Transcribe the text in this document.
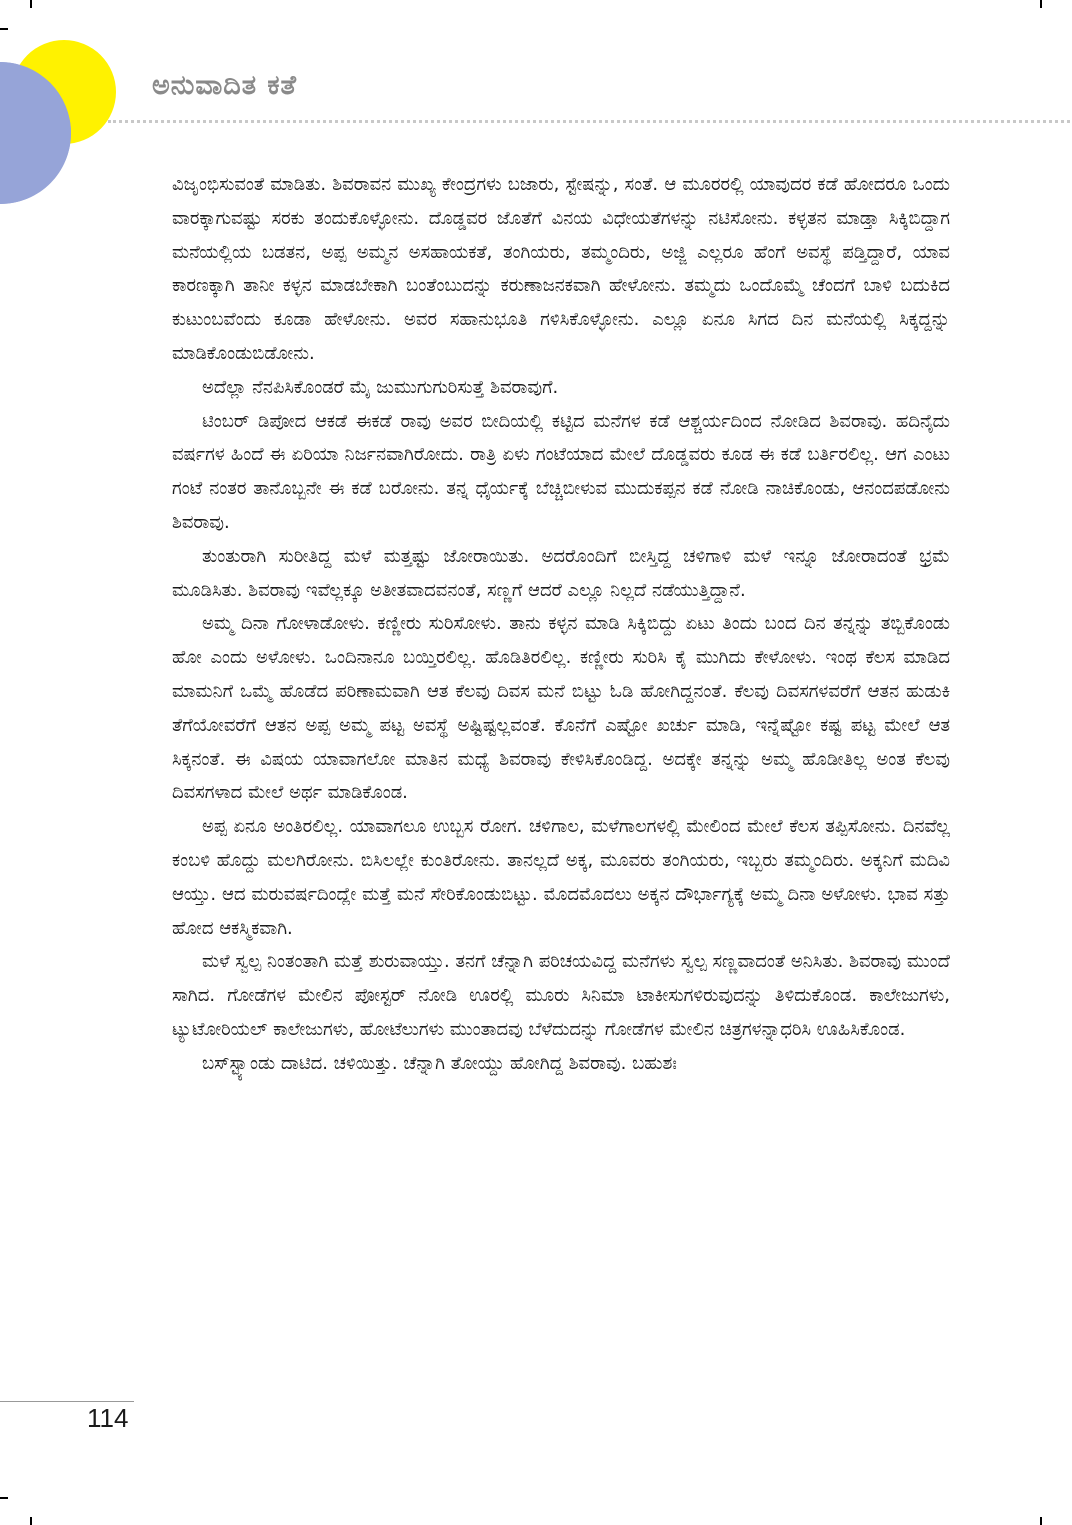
ಅನುವಾದಿತ ಕತೆ

ವಿಜೃಂಭಿಸುವಂತೆ ಮಾಡಿತು. ಶಿವರಾವನ ಮುಖ್ಯ ಕೇಂದ್ರಗಳು ಬಜಾರು, ಸ್ಟೇಷನ್ನು, ಸಂತೆ. ಆ ಮೂರರಲ್ಲಿ ಯಾವುದರ ಕಡೆ ಹೋದರೂ ಒಂದು ವಾರಕ್ಕಾಗುವಷ್ಟು ಸರಕು ತಂದುಕೊಳ್ಳೋನು. ದೊಡ್ಡವರ ಜೊತೆಗೆ ವಿನಯ ವಿಧೇಯತೆಗಳನ್ನು ನಟಿಸೋನು. ಕಳ್ಳತನ ಮಾಡ್ತಾ ಸಿಕ್ಕಿಬಿದ್ದಾಗ ಮನೆಯಲ್ಲಿಯ ಬಡತನ, ಅಪ್ಪ ಅಮ್ಮನ ಅಸಹಾಯಕತೆ, ತಂಗಿಯರು, ತಮ್ಮಂದಿರು, ಅಜ್ಜಿ ಎಲ್ಲರೂ ಹೆಂಗೆ ಅವಸ್ಥೆ ಪಡ್ತಿದ್ದಾರೆ, ಯಾವ ಕಾರಣಕ್ಕಾಗಿ ತಾನೀ ಕಳ್ಳನ ಮಾಡಬೇಕಾಗಿ ಬಂತೆಂಬುದನ್ನು ಕರುಣಾಜನಕವಾಗಿ ಹೇಳೋನು. ತಮ್ಮದು ಒಂದೊಮ್ಮೆ ಚೆಂದಗೆ ಬಾಳಿ ಬದುಕಿದ ಕುಟುಂಬವೆಂದು ಕೂಡಾ ಹೇಳೋನು. ಅವರ ಸಹಾನುಭೂತಿ ಗಳಿಸಿಕೊಳ್ಳೋನು. ಎಲ್ಲೂ ಏನೂ ಸಿಗದ ದಿನ ಮನೆಯಲ್ಲಿ ಸಿಕ್ಕದ್ದನ್ನು ಮಾಡಿಕೊಂಡುಬಿಡೋನು.

ಅದೆಲ್ಲಾ ನೆನಪಿಸಿಕೊಂಡರೆ ಮೈ ಜುಮುಗುಗುರಿಸುತ್ತೆ ಶಿವರಾವುಗೆ.

ಟಿಂಬರ್ ಡಿಪೋದ ಆಕಡೆ ಈಕಡೆ ರಾವು ಅವರ ಬೀದಿಯಲ್ಲಿ ಕಟ್ಟಿದ ಮನೆಗಳ ಕಡೆ ಆಶ್ಚರ್ಯದಿಂದ ನೋಡಿದ ಶಿವರಾವು. ಹದಿನೈದು ವರ್ಷಗಳ ಹಿಂದೆ ಈ ಏರಿಯಾ ನಿರ್ಜನವಾಗಿರೋದು. ರಾತ್ರಿ ಏಳು ಗಂಟೆಯಾದ ಮೇಲೆ ದೊಡ್ಡವರು ಕೂಡ ಈ ಕಡೆ ಬರ್ತಿರಲಿಲ್ಲ. ಆಗ ಎಂಟು ಗಂಟೆ ನಂತರ ತಾನೊಬ್ಬನೇ ಈ ಕಡೆ ಬರೋನು. ತನ್ನ ಧೈರ್ಯಕ್ಕೆ ಬೆಚ್ಚಿಬೀಳುವ ಮುದುಕಪ್ಪನ ಕಡೆ ನೋಡಿ ನಾಚಿಕೊಂಡು, ಆನಂದಪಡೋನು ಶಿವರಾವು.

ತುಂತುರಾಗಿ ಸುರೀತಿದ್ದ ಮಳೆ ಮತ್ತಷ್ಟು ಜೋರಾಯಿತು. ಅದರೊಂದಿಗೆ ಬೀಸ್ತಿದ್ದ ಚಳಿಗಾಳಿ ಮಳೆ ಇನ್ನೂ ಜೋರಾದಂತೆ ಭ್ರಮೆ ಮೂಡಿಸಿತು. ಶಿವರಾವು ಇವೆಲ್ಲಕ್ಕೂ ಅತೀತವಾದವನಂತೆ, ಸಣ್ಣಗೆ ಆದರೆ ಎಲ್ಲೂ ನಿಲ್ಲದೆ ನಡೆಯುತ್ತಿದ್ದಾನೆ.

ಅಮ್ಮ ದಿನಾ ಗೋಳಾಡೋಳು. ಕಣ್ಣೀರು ಸುರಿಸೋಳು. ತಾನು ಕಳ್ಳನ ಮಾಡಿ ಸಿಕ್ಕಿಬಿದ್ದು ಏಟು ತಿಂದು ಬಂದ ದಿನ ತನ್ನನ್ನು ತಬ್ಬಿಕೊಂಡು ಹೋ ಎಂದು ಅಳೋಳು. ಒಂದಿನಾನೂ ಬಯ್ತಿರಲಿಲ್ಲ. ಹೊಡಿತಿರಲಿಲ್ಲ. ಕಣ್ಣೀರು ಸುರಿಸಿ ಕೈ ಮುಗಿದು ಕೇಳೋಳು. ಇಂಥ ಕೆಲಸ ಮಾಡಿದ ಮಾಮನಿಗೆ ಒಮ್ಮೆ ಹೊಡೆದ ಪರಿಣಾಮವಾಗಿ ಆತ ಕೆಲವು ದಿವಸ ಮನೆ ಬಿಟ್ಟು ಓಡಿ ಹೋಗಿದ್ದನಂತೆ. ಕೆಲವು ದಿವಸಗಳವರೆಗೆ ಆತನ ಹುಡುಕಿ ತೆಗೆಯೋವರೆಗೆ ಆತನ ಅಪ್ಪ ಅಮ್ಮ ಪಟ್ಟ ಅವಸ್ಥೆ ಅಷ್ಟಿಷ್ಟಲ್ಲವಂತೆ. ಕೊನೆಗೆ ಎಷ್ಟೋ ಖರ್ಚು ಮಾಡಿ, ಇನ್ನೆಷ್ಟೋ ಕಷ್ಟ ಪಟ್ಟ ಮೇಲೆ ಆತ ಸಿಕ್ಕನಂತೆ. ಈ ವಿಷಯ ಯಾವಾಗಲೋ ಮಾತಿನ ಮಧ್ಯೆ ಶಿವರಾವು ಕೇಳಿಸಿಕೊಂಡಿದ್ದ. ಅದಕ್ಕೇ ತನ್ನನ್ನು ಅಮ್ಮ ಹೊಡೀತಿಲ್ಲ ಅಂತ ಕೆಲವು ದಿವಸಗಳಾದ ಮೇಲೆ ಅರ್ಥ ಮಾಡಿಕೊಂಡ.

ಅಪ್ಪ ಏನೂ ಅಂತಿರಲಿಲ್ಲ. ಯಾವಾಗಲೂ ಉಬ್ಬಸ ರೋಗ. ಚಳಿಗಾಲ, ಮಳೆಗಾಲಗಳಲ್ಲಿ ಮೇಲಿಂದ ಮೇಲೆ ಕೆಲಸ ತಪ್ಪಿಸೋನು. ದಿನವೆಲ್ಲ ಕಂಬಳಿ ಹೊದ್ದು ಮಲಗಿರೋನು. ಬಿಸಿಲಲ್ಲೇ ಕುಂತಿರೋನು. ತಾನಲ್ಲದೆ ಅಕ್ಕ, ಮೂವರು ತಂಗಿಯರು, ಇಬ್ಬರು ತಮ್ಮಂದಿರು. ಅಕ್ಕನಿಗೆ ಮದಿವಿ ಆಯ್ತು. ಆದ ಮರುವರ್ಷದಿಂದ್ಲೇ ಮತ್ತೆ ಮನೆ ಸೇರಿಕೊಂಡುಬಿಟ್ಟು. ಮೊದಮೊದಲು ಅಕ್ಕನ ದೌರ್ಭಾಗ್ಯಕ್ಕೆ ಅಮ್ಮ ದಿನಾ ಅಳೋಳು. ಭಾವ ಸತ್ತು ಹೋದ ಆಕಸ್ಮಿಕವಾಗಿ.

ಮಳೆ ಸ್ವಲ್ಪ ನಿಂತಂತಾಗಿ ಮತ್ತೆ ಶುರುವಾಯ್ತು. ತನಗೆ ಚೆನ್ನಾಗಿ ಪರಿಚಯವಿದ್ದ ಮನೆಗಳು ಸ್ವಲ್ಪ ಸಣ್ಣವಾದಂತೆ ಅನಿಸಿತು. ಶಿವರಾವು ಮುಂದೆ ಸಾಗಿದ. ಗೋಡೆಗಳ ಮೇಲಿನ ಪೋಸ್ಟರ್ ನೋಡಿ ಊರಲ್ಲಿ ಮೂರು ಸಿನಿಮಾ ಟಾಕೀಸುಗಳಿರುವುದನ್ನು ತಿಳಿದುಕೊಂಡ. ಕಾಲೇಜುಗಳು, ಟ್ಯುಟೋರಿಯಲ್ ಕಾಲೇಜುಗಳು, ಹೋಟೆಲುಗಳು ಮುಂತಾದವು ಬೆಳೆದುದನ್ನು ಗೋಡೆಗಳ ಮೇಲಿನ ಚಿತ್ರಗಳನ್ನಾಧರಿಸಿ ಊಹಿಸಿಕೊಂಡ.

ಬಸ್‌ಸ್ಟ್ಯಾಂಡು ದಾಟಿದ. ಚಳಿಯಿತ್ತು. ಚೆನ್ನಾಗಿ ತೋಯ್ದು ಹೋಗಿದ್ದ ಶಿವರಾವು. ಬಹುಶಃ

114
